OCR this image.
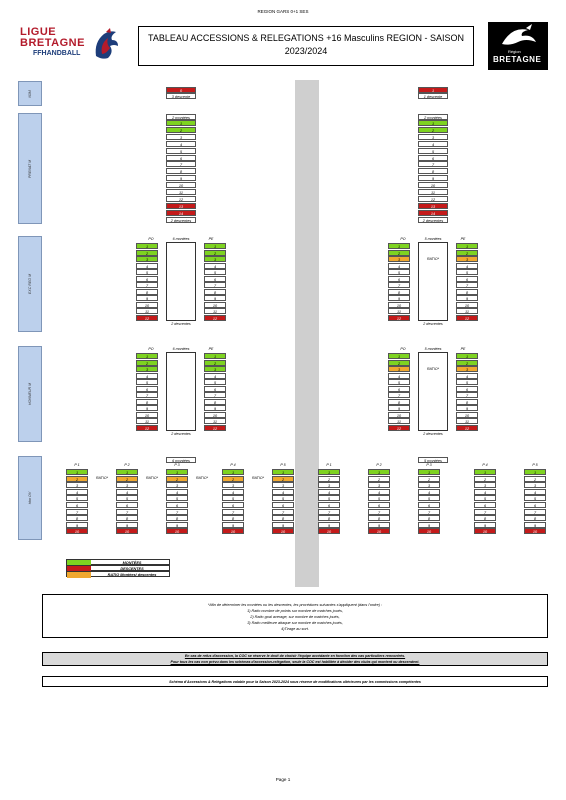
REGION GARS 0+1 SES
LIGUE
BRETAGNE
FFHANDBALL
TABLEAU ACCESSIONS & RELEGATIONS +16 Masculins REGION - SAISON
2023/2024	Région
BRETAGNE
N3M
PRENAT M
EXC REG M
HONNEUR M
Hon DV
0
3 descente
1
1 descente
2 montées
1
2
3
4
5
6
7
8
9
10
11
12
13
14
2 descentes
2 montées
1
2
3
4
5
6
7
8
9
10
11
12
13
14
2 descentes
PO	6 montées	PE
1	1
2	2
3	3
4	4
5	5
6	6
7	7
8	8
9	9
10	10
11	11
12	12
2 descentes
PO	5 montées	PE
1	1
2	2
3	3
4	4
5	5
6	6
7	7
8	8
9	9
10	10
11	11
12	12
RATIO*
2 descentes
PO	6 montées	PE
1	1
2	2
3	3
4	4
5	5
6	6
7	7
8	8
9	9
10	10
11	11
12	12
2 descentes
PO	5 montées	PE
1	1
2	2
3	3
4	4
5	5
6	6
7	7
8	8
9	9
10	10
11	11
12	12
RATIO*
2 descentes
6 montées	5 montées
P 1
1
2
3
4
5
6
7
8
9
10
RATIO*
P 2
1
2
3
4
5
6
7
8
9
10
RATIO*
P 3
1
2
3
4
5
6
7
8
9
10
RATIO*
P 4
1
2
3
4
5
6
7
8
9
10
RATIO*
P 5
1
2
3
4
5
6
7
8
9
10
P 1
1
2
3
4
5
6
7
8
9
10
P 2
1
2
3
4
5
6
7
8
9
10
P 3
1
2
3
4
5
6
7
8
9
10
P 4
1
2
3
4
5
6
7
8
9
10
P 5
1
2
3
4
5
6
7
8
9
10
MONTÉES
DESCENTES
RATIO Montées/ descentes
*Afin de déterminer les montées ou les descentes, les procédures suivantes s'appliquent (dans l'ordre) :
1) Ratio nombre de points sur nombre de matches joués,
2) Ratio goal average, sur nombre de matches joués,
3) Ratio meilleure attaque sur nombre de matches joués,
4)Tirage au sort.
En cas de refus d'accession, la COC se réserve le droit de choisir l'équipe accédante en fonction des cas particuliers rencontrés.
Pour tous les cas non prévu dans les schémas d'accession-relégation, seule la COC est habilitée à décider des clubs qui montent ou descendent.
Schéma d'Accessions & Relégations valable pour la Saison 2023-2024 sous réserve de modifications ultérieures par les commissions compétentes
Page 1
